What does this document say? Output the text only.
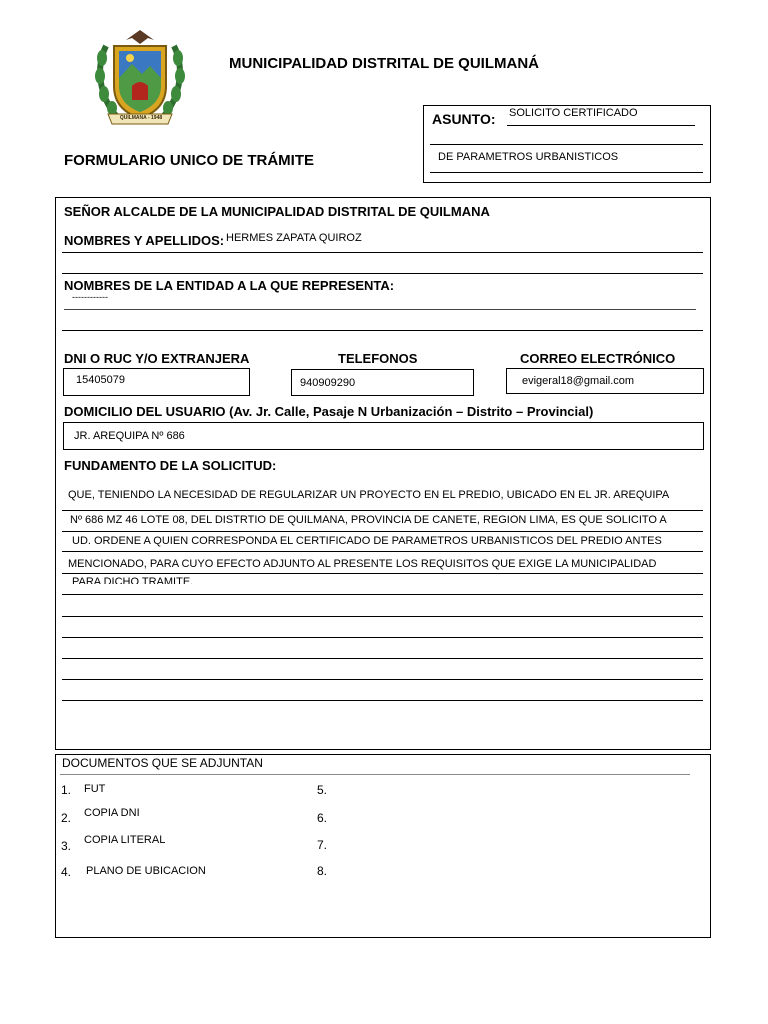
QUILMANA - 1948
MUNICIPALIDAD DISTRITAL DE QUILMANÁ
FORMULARIO UNICO DE TRÁMITE
ASUNTO: SOLICITO CERTIFICADO
DE PARAMETROS URBANISTICOS
SEÑOR ALCALDE DE LA MUNICIPALIDAD DISTRITAL DE QUILMANA
NOMBRES Y APELLIDOS: HERMES ZAPATA QUIROZ
NOMBRES DE LA ENTIDAD A LA QUE REPRESENTA:
------------
DNI O RUC Y/O EXTRANJERA	TELEFONOS	CORREO ELECTRÓNICO
15405079	940909290	evigeral18@gmail.com
DOMICILIO DEL USUARIO (Av. Jr. Calle, Pasaje N Urbanización – Distrito – Provincial)
JR. AREQUIPA Nº 686
FUNDAMENTO DE LA SOLICITUD:
QUE, TENIENDO LA NECESIDAD DE REGULARIZAR UN PROYECTO EN EL PREDIO, UBICADO EN EL JR. AREQUIPA
Nº 686 MZ 46 LOTE 08, DEL DISTRTIO DE QUILMANA, PROVINCIA DE CANETE, REGION LIMA, ES QUE SOLICITO A
UD. ORDENE A QUIEN CORRESPONDA EL CERTIFICADO DE PARAMETROS URBANISTICOS DEL PREDIO ANTES
MENCIONADO, PARA CUYO EFECTO ADJUNTO AL PRESENTE LOS REQUISITOS QUE EXIGE LA MUNICIPALIDAD
PARA DICHO TRAMITE.
DOCUMENTOS QUE SE ADJUNTAN
1. FUT
2. COPIA DNI
3. COPIA LITERAL
4. PLANO DE UBICACION
5.
6.
7.
8.
